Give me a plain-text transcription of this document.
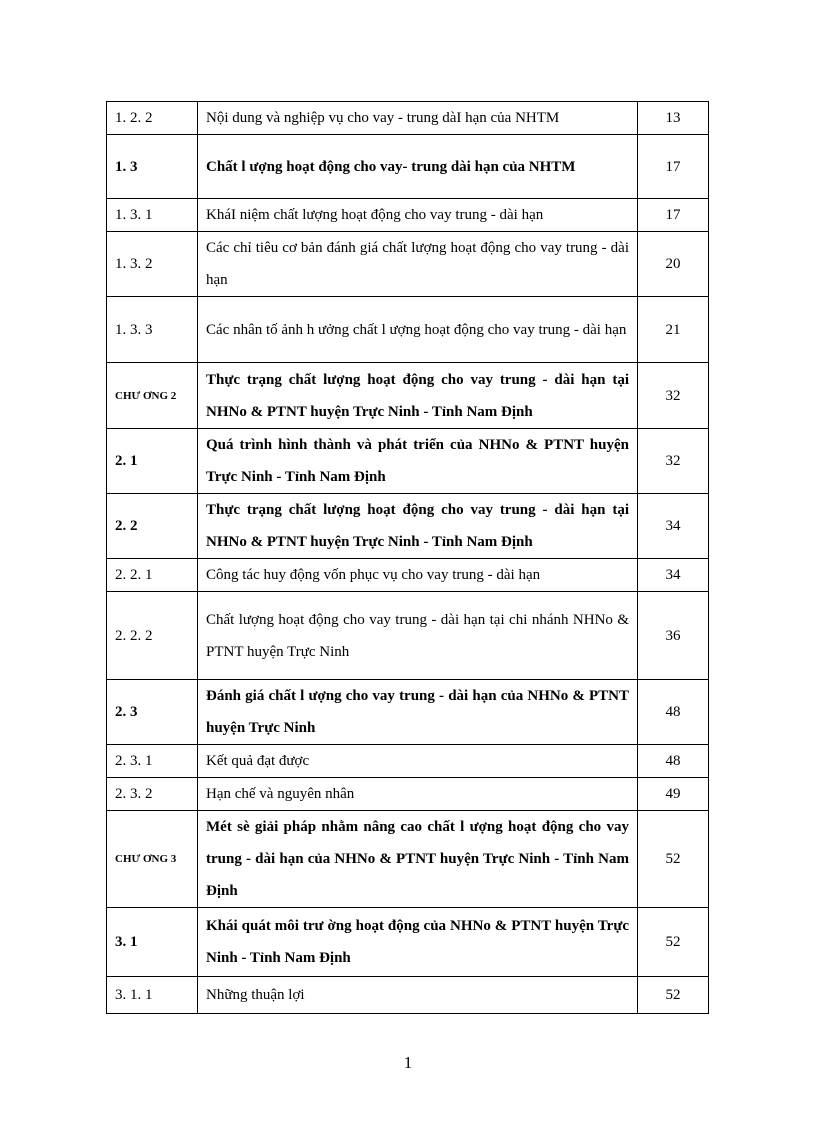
1. 2. 2	Nội dung và nghiệp vụ cho vay - trung dàI hạn của NHTM	13
1. 3	Chất l ượng hoạt động cho vay- trung dài hạn của NHTM	17
1. 3. 1	KháI niệm chất lượng hoạt động cho vay trung - dài hạn	17
1. 3. 2	Các chỉ tiêu cơ bản đánh giá chất lượng hoạt động cho vay trung - dài hạn	20
1. 3. 3	Các nhân tố ảnh h ưởng chất l ượng hoạt động cho vay trung - dài hạn	21
CHƯ ƠNG 2	Thực trạng chất lượng hoạt động cho vay trung - dài hạn tại NHNo & PTNT huyện Trực Ninh - Tỉnh Nam Định	32
2. 1	Quá trình hình thành và phát triển của NHNo & PTNT huyện Trực Ninh - Tỉnh Nam Định	32
2. 2	Thực trạng chất lượng hoạt động cho vay trung - dài hạn tại NHNo & PTNT huyện Trực Ninh - Tỉnh Nam Định	34
2. 2. 1	Công tác huy động vốn phục vụ cho vay trung - dài hạn	34
2. 2. 2	Chất lượng hoạt động cho vay trung - dài hạn tại chi nhánh NHNo & PTNT huyện Trực Ninh	36
2. 3	Đánh giá chất l ượng cho vay trung - dài hạn của NHNo & PTNT huyện Trực Ninh	48
2. 3. 1	Kết quả đạt được	48
2. 3. 2	Hạn chế và nguyên nhân	49
CHƯ ƠNG 3	Mét sè giải pháp nhằm nâng cao chất l ượng hoạt động cho vay trung - dài hạn của NHNo & PTNT huyện Trực Ninh - Tỉnh Nam Định	52
3. 1	Khái quát môi trư ờng hoạt động của NHNo & PTNT huyện Trực Ninh - Tỉnh Nam Định	52
3. 1. 1	Những thuận lợi	52
1
